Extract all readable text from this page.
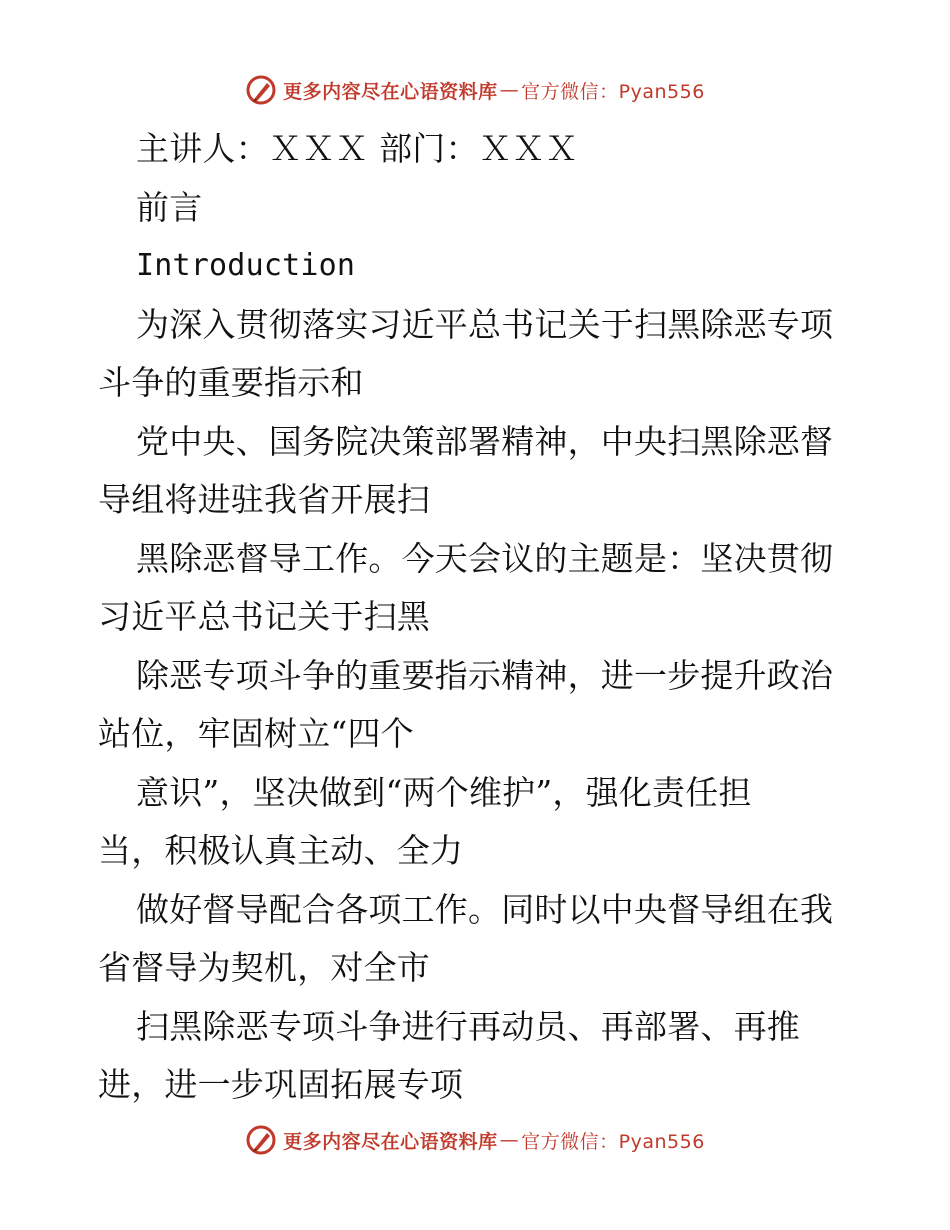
更多内容尽在心语资料库 — 官方微信：Pyan556
主讲人：ＸＸＸ 部门：ＸＸＸ
前言
Introduction
为深入贯彻落实习近平总书记关于扫黑除恶专项
斗争的重要指示和
党中央、国务院决策部署精神，中央扫黑除恶督
导组将进驻我省开展扫
黑除恶督导工作。今天会议的主题是：坚决贯彻
习近平总书记关于扫黑
除恶专项斗争的重要指示精神，进一步提升政治
站位，牢固树立“四个
意识”，坚决做到“两个维护”，强化责任担
当，积极认真主动、全力
做好督导配合各项工作。同时以中央督导组在我
省督导为契机，对全市
扫黑除恶专项斗争进行再动员、再部署、再推
进，进一步巩固拓展专项
更多内容尽在心语资料库 — 官方微信：Pyan556
